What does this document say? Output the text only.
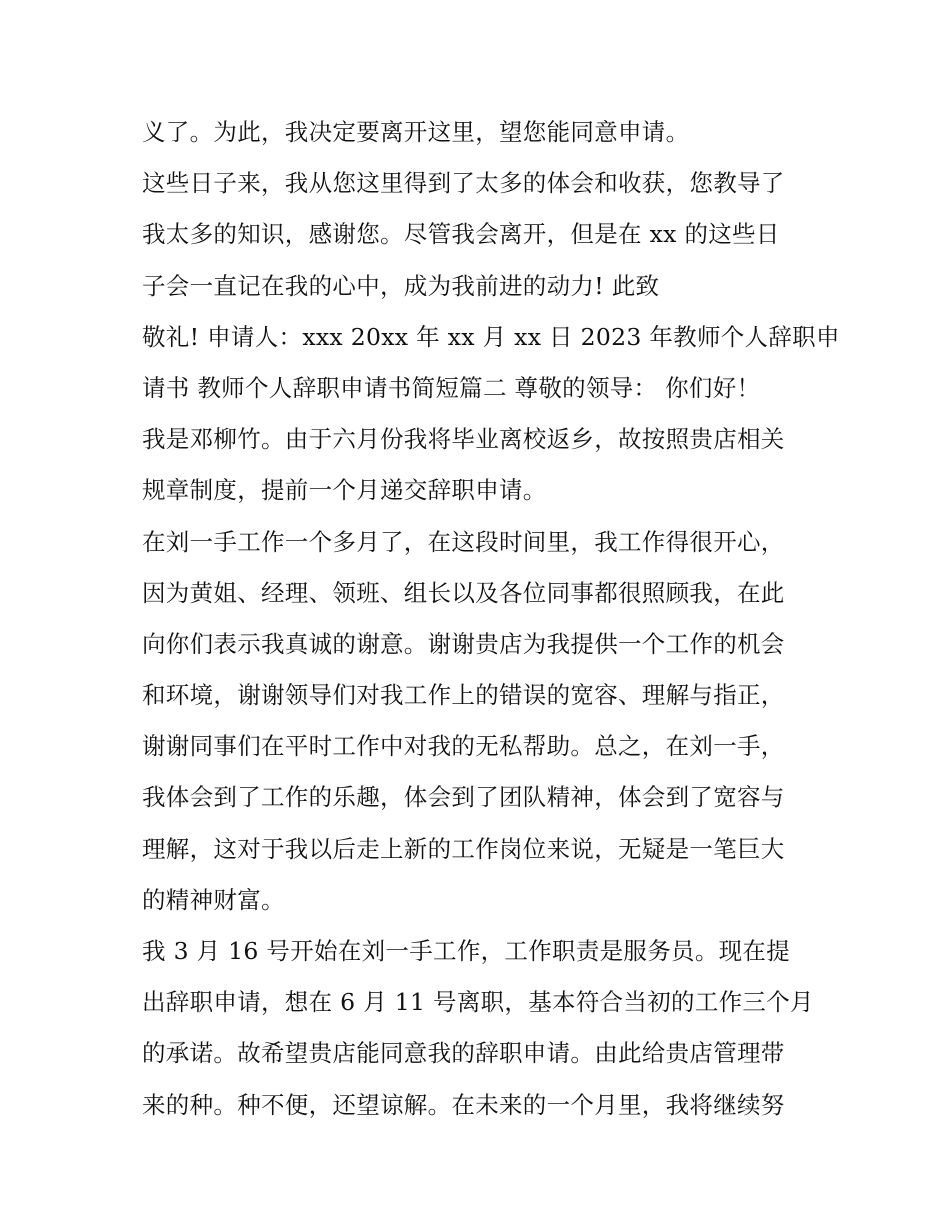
义了。为此，我决定要离开这里，望您能同意申请。
这些日子来，我从您这里得到了太多的体会和收获，您教导了
我太多的知识，感谢您。尽管我会离开，但是在 xx 的这些日
子会一直记在我的心中，成为我前进的动力! 此致
敬礼! 申请人：xxx 20xx 年 xx 月 xx 日 2023 年教师个人辞职申
请书 教师个人辞职申请书简短篇二 尊敬的领导： 你们好！
我是邓柳竹。由于六月份我将毕业离校返乡，故按照贵店相关
规章制度，提前一个月递交辞职申请。
在刘一手工作一个多月了，在这段时间里，我工作得很开心，
因为黄姐、经理、领班、组长以及各位同事都很照顾我，在此
向你们表示我真诚的谢意。谢谢贵店为我提供一个工作的机会
和环境，谢谢领导们对我工作上的错误的宽容、理解与指正，
谢谢同事们在平时工作中对我的无私帮助。总之，在刘一手，
我体会到了工作的乐趣，体会到了团队精神，体会到了宽容与
理解，这对于我以后走上新的工作岗位来说，无疑是一笔巨大
的精神财富。
我 3 月 16 号开始在刘一手工作，工作职责是服务员。现在提
出辞职申请，想在 6 月 11 号离职，基本符合当初的工作三个月
的承诺。故希望贵店能同意我的辞职申请。由此给贵店管理带
来的种。种不便，还望谅解。在未来的一个月里，我将继续努
